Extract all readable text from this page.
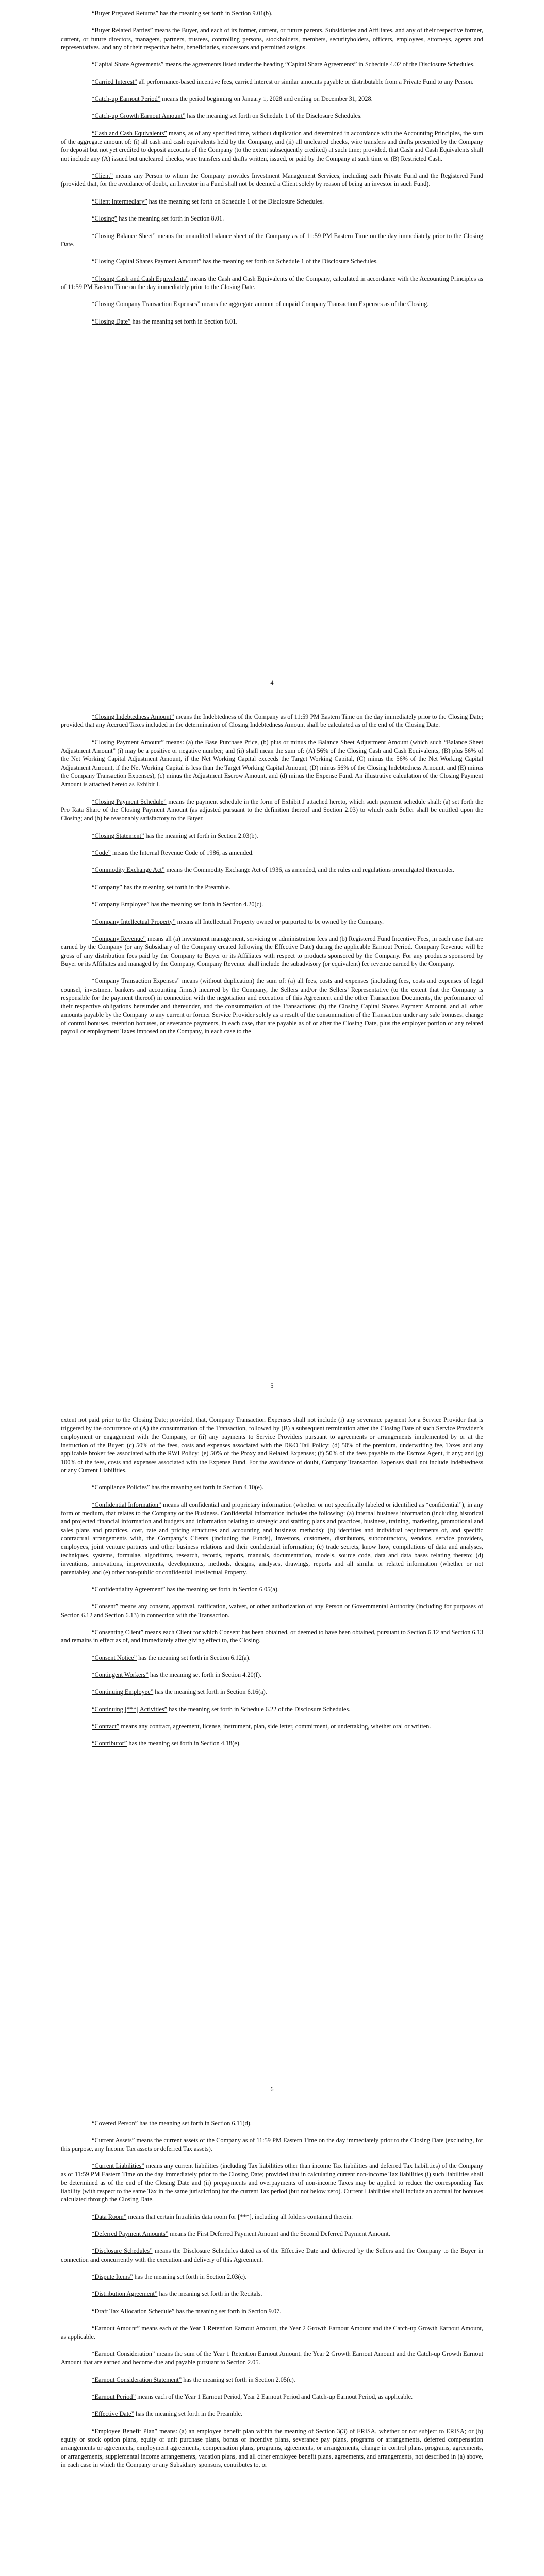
“Buyer Prepared Returns” has the meaning set forth in Section 9.01(b).

“Buyer Related Parties” means the Buyer, and each of its former, current, or future parents, Subsidiaries and Affiliates, and any of their respective former, current, or future directors, managers, partners, trustees, controlling persons, stockholders, members, securityholders, officers, employees, attorneys, agents and representatives, and any of their respective heirs, beneficiaries, successors and permitted assigns.

“Capital Share Agreements” means the agreements listed under the heading “Capital Share Agreements” in Schedule 4.02 of the Disclosure Schedules.

“Carried Interest” all performance-based incentive fees, carried interest or similar amounts payable or distributable from a Private Fund to any Person.

“Catch-up Earnout Period” means the period beginning on January 1, 2028 and ending on December 31, 2028.

“Catch-up Growth Earnout Amount” has the meaning set forth on Schedule 1 of the Disclosure Schedules.

“Cash and Cash Equivalents” means, as of any specified time, without duplication and determined in accordance with the Accounting Principles, the sum of the aggregate amount of: (i) all cash and cash equivalents held by the Company, and (ii) all uncleared checks, wire transfers and drafts presented by the Company for deposit but not yet credited to deposit accounts of the Company (to the extent subsequently credited) at such time; provided, that Cash and Cash Equivalents shall not include any (A) issued but uncleared checks, wire transfers and drafts written, issued, or paid by the Company at such time or (B) Restricted Cash.

“Client” means any Person to whom the Company provides Investment Management Services, including each Private Fund and the Registered Fund (provided that, for the avoidance of doubt, an Investor in a Fund shall not be deemed a Client solely by reason of being an investor in such Fund).

“Client Intermediary” has the meaning set forth on Schedule 1 of the Disclosure Schedules.

“Closing” has the meaning set forth in Section 8.01.

“Closing Balance Sheet” means the unaudited balance sheet of the Company as of 11:59 PM Eastern Time on the day immediately prior to the Closing Date.

“Closing Capital Shares Payment Amount” has the meaning set forth on Schedule 1 of the Disclosure Schedules.

“Closing Cash and Cash Equivalents” means the Cash and Cash Equivalents of the Company, calculated in accordance with the Accounting Principles as of 11:59 PM Eastern Time on the day immediately prior to the Closing Date.

“Closing Company Transaction Expenses” means the aggregate amount of unpaid Company Transaction Expenses as of the Closing.

“Closing Date” has the meaning set forth in Section 8.01.

4

“Closing Indebtedness Amount” means the Indebtedness of the Company as of 11:59 PM Eastern Time on the day immediately prior to the Closing Date; provided that any Accrued Taxes included in the determination of Closing Indebtedness Amount shall be calculated as of the end of the Closing Date.

“Closing Payment Amount” means: (a) the Base Purchase Price, (b) plus or minus the Balance Sheet Adjustment Amount (which such “Balance Sheet Adjustment Amount” (i) may be a positive or negative number; and (ii) shall mean the sum of: (A) 56% of the Closing Cash and Cash Equivalents, (B) plus 56% of the Net Working Capital Adjustment Amount, if the Net Working Capital exceeds the Target Working Capital, (C) minus the 56% of the Net Working Capital Adjustment Amount, if the Net Working Capital is less than the Target Working Capital Amount, (D) minus 56% of the Closing Indebtedness Amount, and (E) minus the Company Transaction Expenses), (c) minus the Adjustment Escrow Amount, and (d) minus the Expense Fund. An illustrative calculation of the Closing Payment Amount is attached hereto as Exhibit I.

“Closing Payment Schedule” means the payment schedule in the form of Exhibit J attached hereto, which such payment schedule shall: (a) set forth the Pro Rata Share of the Closing Payment Amount (as adjusted pursuant to the definition thereof and Section 2.03) to which each Seller shall be entitled upon the Closing; and (b) be reasonably satisfactory to the Buyer.

“Closing Statement” has the meaning set forth in Section 2.03(b).

“Code” means the Internal Revenue Code of 1986, as amended.

“Commodity Exchange Act” means the Commodity Exchange Act of 1936, as amended, and the rules and regulations promulgated thereunder.

“Company” has the meaning set forth in the Preamble.

“Company Employee” has the meaning set forth in Section 4.20(c).

“Company Intellectual Property” means all Intellectual Property owned or purported to be owned by the Company.

“Company Revenue” means all (a) investment management, servicing or administration fees and (b) Registered Fund Incentive Fees, in each case that are earned by the Company (or any Subsidiary of the Company created following the Effective Date) during the applicable Earnout Period. Company Revenue will be gross of any distribution fees paid by the Company to Buyer or its Affiliates with respect to products sponsored by the Company. For any products sponsored by Buyer or its Affiliates and managed by the Company, Company Revenue shall include the subadvisory (or equivalent) fee revenue earned by the Company.

“Company Transaction Expenses” means (without duplication) the sum of: (a) all fees, costs and expenses (including fees, costs and expenses of legal counsel, investment bankers and accounting firms,) incurred by the Company, the Sellers and/or the Sellers’ Representative (to the extent that the Company is responsible for the payment thereof) in connection with the negotiation and execution of this Agreement and the other Transaction Documents, the performance of their respective obligations hereunder and thereunder, and the consummation of the Transactions; (b) the Closing Capital Shares Payment Amount, and all other amounts payable by the Company to any current or former Service Provider solely as a result of the consummation of the Transaction under any sale bonuses, change of control bonuses, retention bonuses, or severance payments, in each case, that are payable as of or after the Closing Date, plus the employer portion of any related payroll or employment Taxes imposed on the Company, in each case to the

5

extent not paid prior to the Closing Date; provided, that, Company Transaction Expenses shall not include (i) any severance payment for a Service Provider that is triggered by the occurrence of (A) the consummation of the Transaction, followed by (B) a subsequent termination after the Closing Date of such Service Provider’s employment or engagement with the Company, or (ii) any payments to Service Providers pursuant to agreements or arrangements implemented by or at the instruction of the Buyer; (c) 50% of the fees, costs and expenses associated with the D&O Tail Policy; (d) 50% of the premium, underwriting fee, Taxes and any applicable broker fee associated with the RWI Policy; (e) 50% of the Proxy and Related Expenses; (f) 50% of the fees payable to the Escrow Agent, if any; and (g) 100% of the fees, costs and expenses associated with the Expense Fund. For the avoidance of doubt, Company Transaction Expenses shall not include Indebtedness or any Current Liabilities.

“Compliance Policies” has the meaning set forth in Section 4.10(e).

“Confidential Information” means all confidential and proprietary information (whether or not specifically labeled or identified as “confidential”), in any form or medium, that relates to the Company or the Business. Confidential Information includes the following: (a) internal business information (including historical and projected financial information and budgets and information relating to strategic and staffing plans and practices, business, training, marketing, promotional and sales plans and practices, cost, rate and pricing structures and accounting and business methods); (b) identities and individual requirements of, and specific contractual arrangements with, the Company’s Clients (including the Funds), Investors, customers, distributors, subcontractors, vendors, service providers, employees, joint venture partners and other business relations and their confidential information; (c) trade secrets, know how, compilations of data and analyses, techniques, systems, formulae, algorithms, research, records, reports, manuals, documentation, models, source code, data and data bases relating thereto; (d) inventions, innovations, improvements, developments, methods, designs, analyses, drawings, reports and all similar or related information (whether or not patentable); and (e) other non-public or confidential Intellectual Property.

“Confidentiality Agreement” has the meaning set forth in Section 6.05(a).

“Consent” means any consent, approval, ratification, waiver, or other authorization of any Person or Governmental Authority (including for purposes of Section 6.12 and Section 6.13) in connection with the Transaction.

“Consenting Client” means each Client for which Consent has been obtained, or deemed to have been obtained, pursuant to Section 6.12 and Section 6.13 and remains in effect as of, and immediately after giving effect to, the Closing.

“Consent Notice” has the meaning set forth in Section 6.12(a).

“Contingent Workers” has the meaning set forth in Section 4.20(f).

“Continuing Employee” has the meaning set forth in Section 6.16(a).

“Continuing [***] Activities” has the meaning set forth in Schedule 6.22 of the Disclosure Schedules.

“Contract” means any contract, agreement, license, instrument, plan, side letter, commitment, or undertaking, whether oral or written.

“Contributor” has the meaning set forth in Section 4.18(e).

6

“Covered Person” has the meaning set forth in Section 6.11(d).

“Current Assets” means the current assets of the Company as of 11:59 PM Eastern Time on the day immediately prior to the Closing Date (excluding, for this purpose, any Income Tax assets or deferred Tax assets).

“Current Liabilities” means any current liabilities (including Tax liabilities other than income Tax liabilities and deferred Tax liabilities) of the Company as of 11:59 PM Eastern Time on the day immediately prior to the Closing Date; provided that in calculating current non-income Tax liabilities (i) such liabilities shall be determined as of the end of the Closing Date and (ii) prepayments and overpayments of non-income Taxes may be applied to reduce the corresponding Tax liability (with respect to the same Tax in the same jurisdiction) for the current Tax period (but not below zero). Current Liabilities shall include an accrual for bonuses calculated through the Closing Date.

“Data Room” means that certain Intralinks data room for [***], including all folders contained therein.

“Deferred Payment Amounts” means the First Deferred Payment Amount and the Second Deferred Payment Amount.

“Disclosure Schedules” means the Disclosure Schedules dated as of the Effective Date and delivered by the Sellers and the Company to the Buyer in connection and concurrently with the execution and delivery of this Agreement.

“Dispute Items” has the meaning set forth in Section 2.03(c).

“Distribution Agreement” has the meaning set forth in the Recitals.

“Draft Tax Allocation Schedule” has the meaning set forth in Section 9.07.

“Earnout Amount” means each of the Year 1 Retention Earnout Amount, the Year 2 Growth Earnout Amount and the Catch-up Growth Earnout Amount, as applicable.

“Earnout Consideration” means the sum of the Year 1 Retention Earnout Amount, the Year 2 Growth Earnout Amount and the Catch-up Growth Earnout Amount that are earned and become due and payable pursuant to Section 2.05.

“Earnout Consideration Statement” has the meaning set forth in Section 2.05(c).

“Earnout Period” means each of the Year 1 Earnout Period, Year 2 Earnout Period and Catch-up Earnout Period, as applicable.

“Effective Date” has the meaning set forth in the Preamble.

“Employee Benefit Plan” means: (a) an employee benefit plan within the meaning of Section 3(3) of ERISA, whether or not subject to ERISA; or (b) equity or stock option plans, equity or unit purchase plans, bonus or incentive plans, severance pay plans, programs or arrangements, deferred compensation arrangements or agreements, employment agreements, compensation plans, programs, agreements, or arrangements, change in control plans, programs, agreements, or arrangements, supplemental income arrangements, vacation plans, and all other employee benefit plans, agreements, and arrangements, not described in (a) above, in each case in which the Company or any Subsidiary sponsors, contributes to, or
